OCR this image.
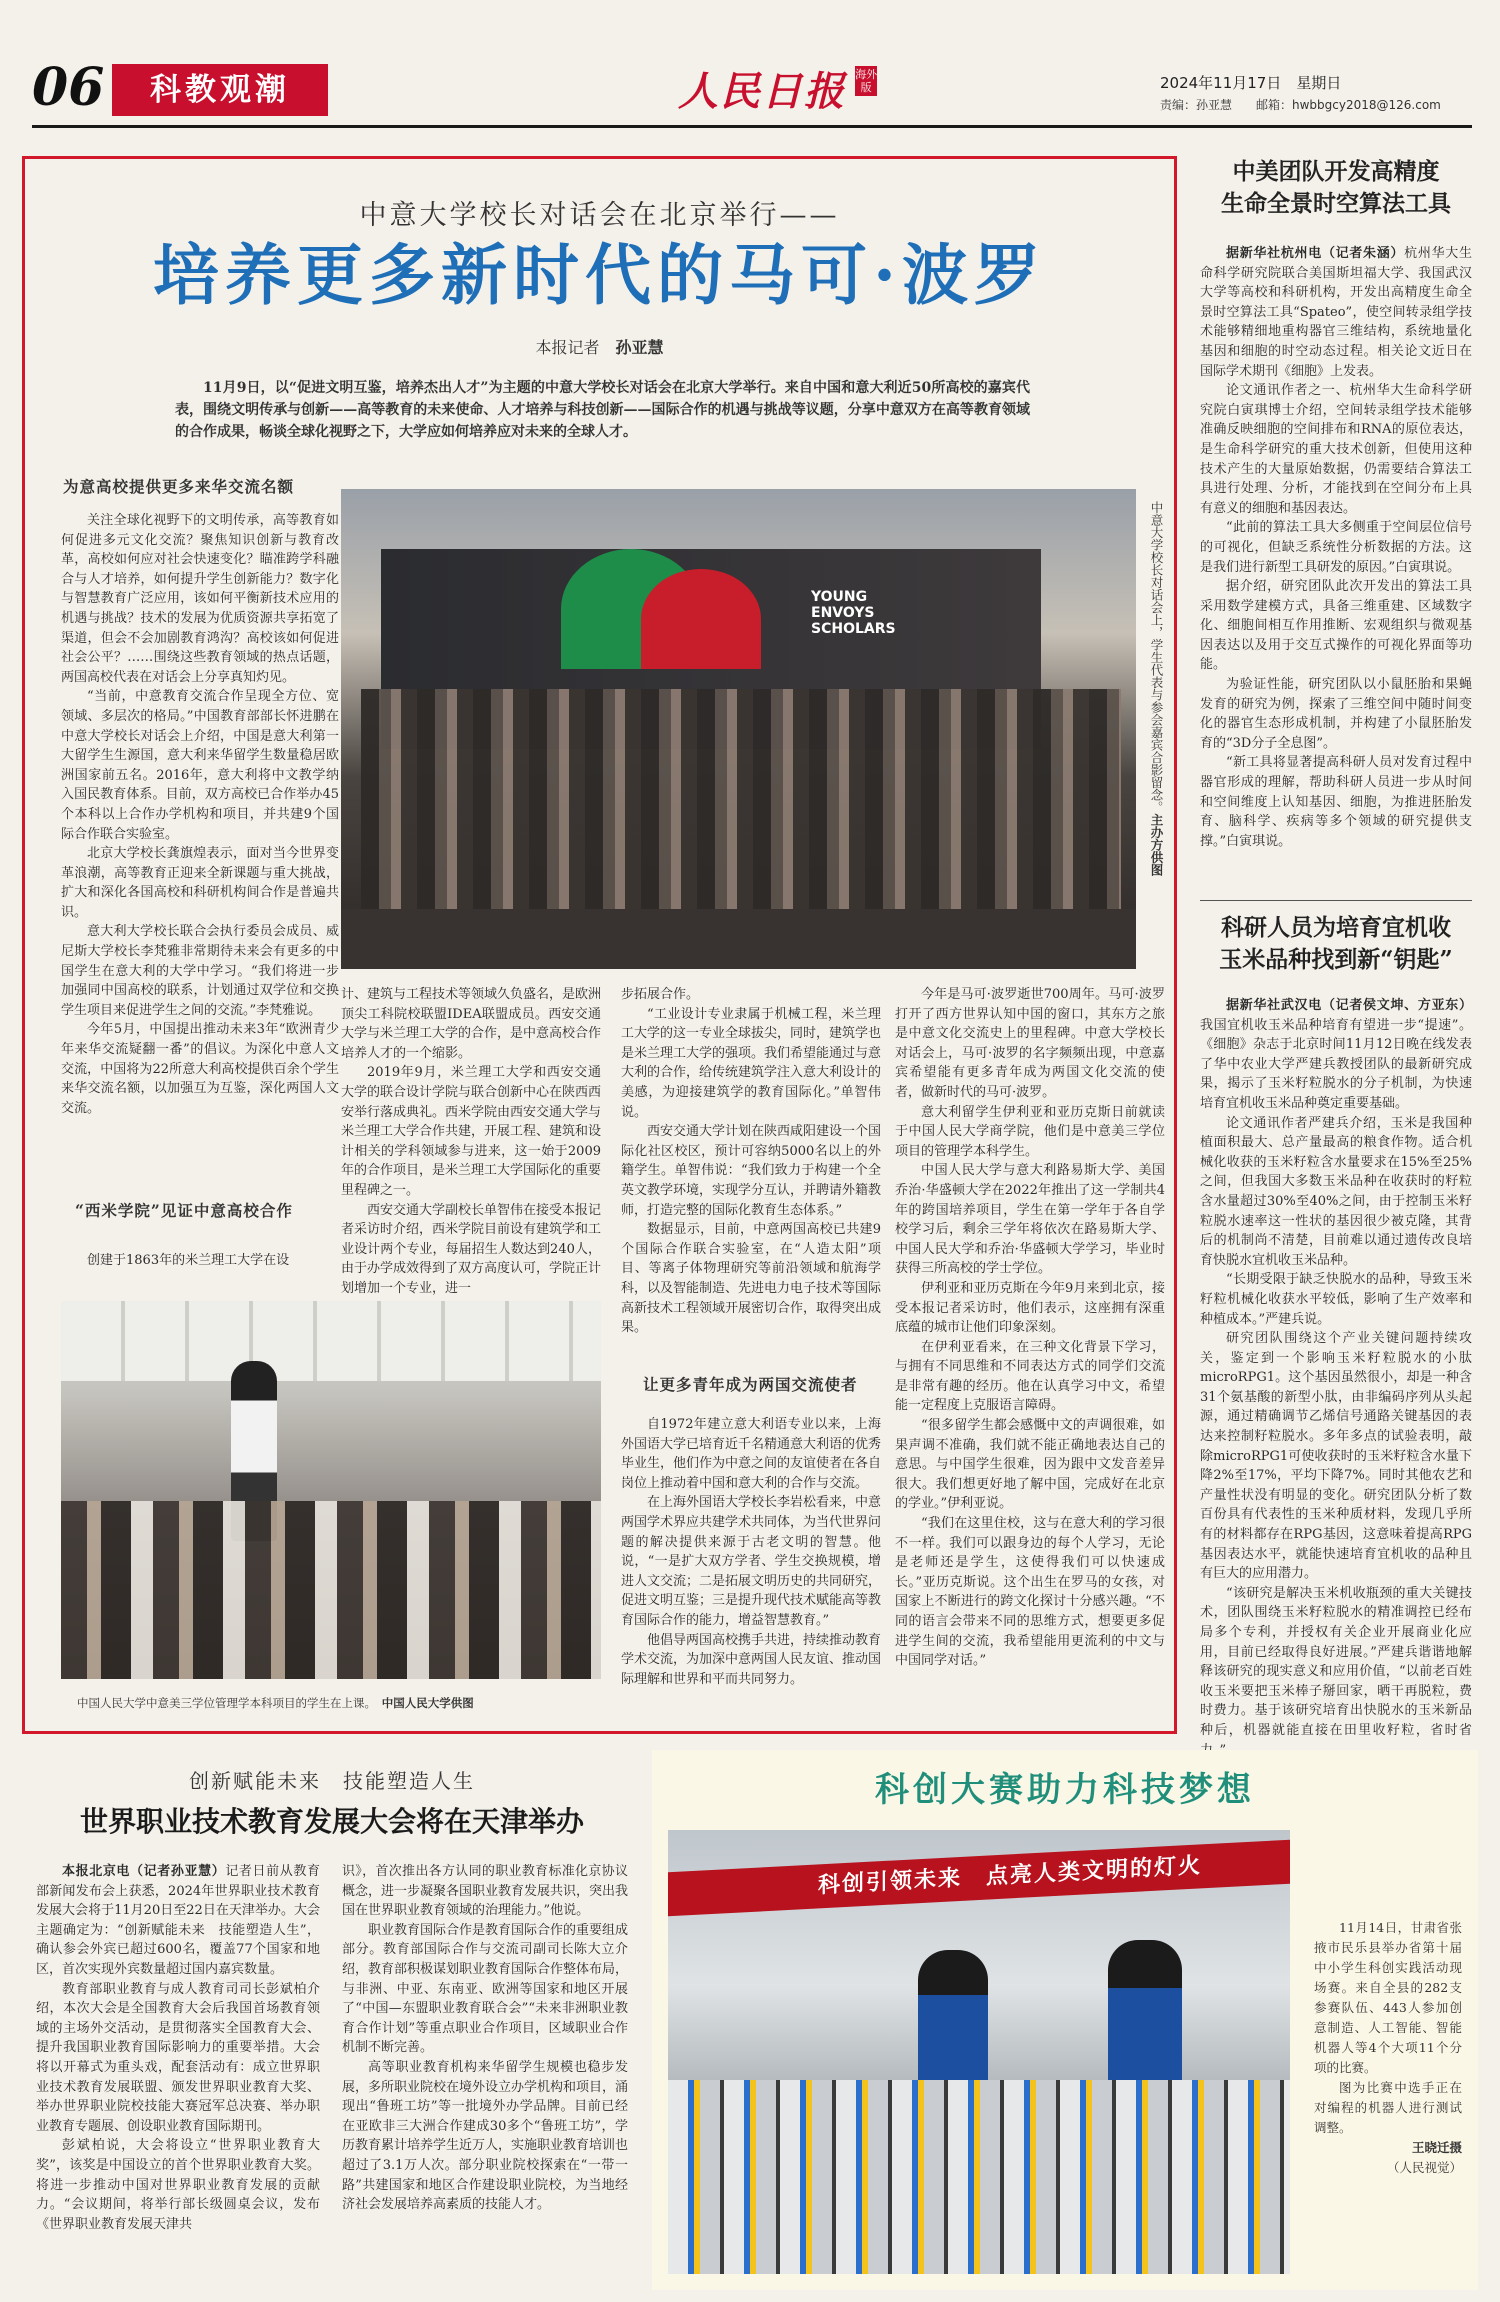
06	科教观潮	人民日报 海外版	2024年11月17日　星期日
责编：孙亚慧　　邮箱：hwbbgcy2018@126.com
中意大学校长对话会在北京举行——
培养更多新时代的马可·波罗
本报记者　 孙亚慧
11月9日，以“促进文明互鉴，培养杰出人才”为主题的中意大学校长对话会在北京大学举行。来自中国和意大利近50所高校的嘉宾代表，围绕文明传承与创新——高等教育的未来使命、人才培养与科技创新——国际合作的机遇与挑战等议题，分享中意双方在高等教育领域的合作成果，畅谈全球化视野之下，大学应如何培养应对未来的全球人才。
为意高校提供更多来华交流名额

关注全球化视野下的文明传承，高等教育如何促进多元文化交流？聚焦知识创新与教育改革，高校如何应对社会快速变化？瞄准跨学科融合与人才培养，如何提升学生创新能力？数字化与智慧教育广泛应用，该如何平衡新技术应用的机遇与挑战？技术的发展为优质资源共享拓宽了渠道，但会不会加剧教育鸿沟？高校该如何促进社会公平？……围绕这些教育领域的热点话题，两国高校代表在对话会上分享真知灼见。

“当前，中意教育交流合作呈现全方位、宽领域、多层次的格局。”中国教育部部长怀进鹏在中意大学校长对话会上介绍，中国是意大利第一大留学生生源国，意大利来华留学生数量稳居欧洲国家前五名。2016年，意大利将中文教学纳入国民教育体系。目前，双方高校已合作举办45个本科以上合作办学机构和项目，并共建9个国际合作联合实验室。

北京大学校长龚旗煌表示，面对当今世界变革浪潮，高等教育正迎来全新课题与重大挑战，扩大和深化各国高校和科研机构间合作是普遍共识。

意大利大学校长联合会执行委员会成员、威尼斯大学校长李梵雅非常期待未来会有更多的中国学生在意大利的大学中学习。“我们将进一步加强同中国高校的联系，计划通过双学位和交换学生项目来促进学生之间的交流。”李梵雅说。

今年5月，中国提出推动未来3年“欧洲青少年来华交流疑翻一番”的倡议。为深化中意人文交流，中国将为22所意大利高校提供百余个学生来华交流名额，以加强互为互鉴，深化两国人文交流。

“西米学院”见证中意高校合作

创建于1863年的米兰理工大学在设

YOUNG ENVOYS SCHOLARS	中意大学校长对话会上，学生代表与参会嘉宾合影留念。主办方供图

计、建筑与工程技术等领域久负盛名，是欧洲顶尖工科院校联盟IDEA联盟成员。西安交通大学与米兰理工大学的合作，是中意高校合作培养人才的一个缩影。

2019年9月，米兰理工大学和西安交通大学的联合设计学院与联合创新中心在陕西西安举行落成典礼。西米学院由西安交通大学与米兰理工大学合作共建，开展工程、建筑和设计相关的学科领域参与进来，这一始于2009年的合作项目，是米兰理工大学国际化的重要里程碑之一。

西安交通大学副校长单智伟在接受本报记者采访时介绍，西米学院目前设有建筑学和工业设计两个专业，每届招生人数达到240人，由于办学成效得到了双方高度认可，学院正计划增加一个专业，进一

步拓展合作。

“工业设计专业隶属于机械工程，米兰理工大学的这一专业全球拔尖，同时，建筑学也是米兰理工大学的强项。我们希望能通过与意大利的合作，给传统建筑学注入意大利设计的美感，为迎接建筑学的教育国际化。”单智伟说。

西安交通大学计划在陕西咸阳建设一个国际化社区校区，预计可容纳5000名以上的外籍学生。单智伟说：“我们致力于构建一个全英文教学环境，实现学分互认，并聘请外籍教师，打造完整的国际化教育生态体系。”

数据显示，目前，中意两国高校已共建9个国际合作联合实验室，在“人造太阳”项目、等离子体物理研究等前沿领域和航海学科，以及智能制造、先进电力电子技术等国际高新技术工程领域开展密切合作，取得突出成果。

让更多青年成为两国交流使者

自1972年建立意大利语专业以来，上海外国语大学已培育近千名精通意大利语的优秀毕业生，他们作为中意之间的友谊使者在各自岗位上推动着中国和意大利的合作与交流。

在上海外国语大学校长李岩松看来，中意两国学术界应共建学术共同体，为当代世界问题的解决提供来源于古老文明的智慧。他说，“一是扩大双方学者、学生交换规模，增进人文交流；二是拓展文明历史的共同研究，促进文明互鉴；三是提升现代技术赋能高等教育国际合作的能力，增益智慧教育。”

他倡导两国高校携手共进，持续推动教育学术交流，为加深中意两国人民友谊、推动国际理解和世界和平而共同努力。

今年是马可·波罗逝世700周年。马可·波罗打开了西方世界认知中国的窗口，其东方之旅是中意文化交流史上的里程碑。中意大学校长对话会上，马可·波罗的名字频频出现，中意嘉宾希望能有更多青年成为两国文化交流的使者，做新时代的马可·波罗。

意大利留学生伊利亚和亚历克斯日前就读于中国人民大学商学院，他们是中意美三学位项目的管理学本科学生。

中国人民大学与意大利路易斯大学、美国乔治·华盛顿大学在2022年推出了这一学制共4年的跨国培养项目，学生在第一学年于各自学校学习后，剩余三学年将依次在路易斯大学、中国人民大学和乔治·华盛顿大学学习，毕业时获得三所高校的学士学位。

伊利亚和亚历克斯在今年9月来到北京，接受本报记者采访时，他们表示，这座拥有深重底蕴的城市让他们印象深刻。

在伊利亚看来，在三种文化背景下学习，与拥有不同思维和不同表达方式的同学们交流是非常有趣的经历。他在认真学习中文，希望能一定程度上克服语言障碍。

“很多留学生都会感慨中文的声调很难，如果声调不准确，我们就不能正确地表达自己的意思。与中国学生很难，因为跟中文发音差异很大。我们想更好地了解中国，完成好在北京的学业。”伊利亚说。

“我们在这里住校，这与在意大利的学习很不一样。我们可以跟身边的每个人学习，无论是老师还是学生，这使得我们可以快速成长。”亚历克斯说。这个出生在罗马的女孩，对国家上不断进行的跨文化探讨十分感兴趣。“不同的语言会带来不同的思维方式，想要更多促进学生间的交流，我希望能用更流利的中文与中国同学对话。”

中国人民大学中意美三学位管理学本科项目的学生在上课。　 中国人民大学供图
中美团队开发高精度
生命全景时空算法工具

据新华社杭州电（记者朱涵）杭州华大生命科学研究院联合美国斯坦福大学、我国武汉大学等高校和科研机构，开发出高精度生命全景时空算法工具“Spateo”，使空间转录组学技术能够精细地重构器官三维结构，系统地量化基因和细胞的时空动态过程。相关论文近日在国际学术期刊《细胞》上发表。

论文通讯作者之一、杭州华大生命科学研究院白寅琪博士介绍，空间转录组学技术能够准确反映细胞的空间排布和RNA的原位表达，是生命科学研究的重大技术创新，但使用这种技术产生的大量原始数据，仍需要结合算法工具进行处理、分析，才能找到在空间分布上具有意义的细胞和基因表达。

“此前的算法工具大多侧重于空间层位信号的可视化，但缺乏系统性分析数据的方法。这是我们进行新型工具研发的原因。”白寅琪说。

据介绍，研究团队此次开发出的算法工具采用数学建模方式，具备三维重建、区域数字化、细胞间相互作用推断、宏观组织与微观基因表达以及用于交互式操作的可视化界面等功能。

为验证性能，研究团队以小鼠胚胎和果蝇发育的研究为例，探索了三维空间中随时间变化的器官生态形成机制，并构建了小鼠胚胎发育的“3D分子全息图”。

“新工具将显著提高科研人员对发育过程中器官形成的理解，帮助科研人员进一步从时间和空间维度上认知基因、细胞，为推进胚胎发育、脑科学、疾病等多个领域的研究提供支撑。”白寅琪说。

科研人员为培育宜机收
玉米品种找到新“钥匙”

据新华社武汉电（记者侯文坤、方亚东）我国宜机收玉米品种培育有望进一步“提速”。《细胞》杂志于北京时间11月12日晚在线发表了华中农业大学严建兵教授团队的最新研究成果，揭示了玉米籽粒脱水的分子机制，为快速培育宜机收玉米品种奠定重要基础。

论文通讯作者严建兵介绍，玉米是我国种植面积最大、总产量最高的粮食作物。适合机械化收获的玉米籽粒含水量要求在15%至25%之间，但我国大多数玉米品种在收获时的籽粒含水量超过30%至40%之间，由于控制玉米籽粒脱水速率这一性状的基因很少被克隆，其背后的机制尚不清楚，目前难以通过遗传改良培育快脱水宜机收玉米品种。

“长期受限于缺乏快脱水的品种，导致玉米籽粒机械化收获水平较低，影响了生产效率和种植成本。”严建兵说。

研究团队围绕这个产业关键问题持续攻关，鉴定到一个影响玉米籽粒脱水的小肽microRPG1。这个基因虽然很小，却是一种含31个氨基酸的新型小肽，由非编码序列从头起源，通过精确调节乙烯信号通路关键基因的表达来控制籽粒脱水。多年多点的试验表明，敲除microRPG1可使收获时的玉米籽粒含水量下降2%至17%，平均下降7%。同时其他农艺和产量性状没有明显的变化。研究团队分析了数百份具有代表性的玉米种质材料，发现几乎所有的材料都存在RPG基因，这意味着提高RPG基因表达水平，就能快速培育宜机收的品种且有巨大的应用潜力。

“该研究是解决玉米机收瓶颈的重大关键技术，团队围绕玉米籽粒脱水的精准调控已经布局多个专利，并授权有关企业开展商业化应用，目前已经取得良好进展。”严建兵谐谐地解释该研究的现实意义和应用价值，“以前老百姓收玉米要把玉米棒子掰回家，晒干再脱粒，费时费力。基于该研究培育出快脱水的玉米新品种后，机器就能直接在田里收籽粒，省时省

创新赋能未来　技能塑造人生
世界职业技术教育发展大会将在天津举办

本报北京电（记者孙亚慧）记者日前从教育部新闻发布会上获悉，2024年世界职业技术教育发展大会将于11月20日至22日在天津举办。大会主题确定为：“创新赋能未来　技能塑造人生”，确认参会外宾已超过600名，覆盖77个国家和地区，首次实现外宾数量超过国内嘉宾数量。

教育部职业教育与成人教育司司长彭斌柏介绍，本次大会是全国教育大会后我国首场教育领域的主场外交活动，是贯彻落实全国教育大会、提升我国职业教育国际影响力的重要举措。大会将以开幕式为重头戏，配套活动有：成立世界职业技术教育发展联盟、颁发世界职业教育大奖、举办世界职业院校技能大赛冠军总决赛、举办职业教育专题展、创设职业教育国际期刊。

彭斌柏说，大会将设立“世界职业教育大奖”，该奖是中国设立的首个世界职业教育大奖。将进一步推动中国对世界职业教育发展的贡献力。“会议期间，将举行部长级圆桌会议，发布《世界职业教育发展天津共

识》，首次推出各方认同的职业教育标准化京协议概念，进一步凝聚各国职业教育发展共识，突出我国在世界职业教育领域的治理能力。”他说。

职业教育国际合作是教育国际合作的重要组成部分。教育部国际合作与交流司副司长陈大立介绍，教育部积极谋划职业教育国际合作整体布局，与非洲、中亚、东南亚、欧洲等国家和地区开展了“中国—东盟职业教育联合会”“未来非洲职业教育合作计划”等重点职业合作项目，区域职业合作机制不断完善。

高等职业教育机构来华留学生规模也稳步发展，多所职业院校在境外设立办学机构和项目，涌现出“鲁班工坊”等一批境外办学品牌。目前已经在亚欧非三大洲合作建成30多个“鲁班工坊”，学历教育累计培养学生近万人，实施职业教育培训也超过了3.1万人次。部分职业院校探索在“一带一路”共建国家和地区合作建设职业院校，为当地经济社会发展培养高素质的技能人才。

科创大赛助力科技梦想
科创引领未来　点亮人类文明的灯火

11月14日，甘肃省张掖市民乐县举办省第十届中小学生科创实践活动现场赛。来自全县的282支参赛队伍、443人参加创意制造、人工智能、智能机器人等4个大项11个分项的比赛。

图为比赛中选手正在对编程的机器人进行测试调整。

王晓迁摄

（人民视觉）
